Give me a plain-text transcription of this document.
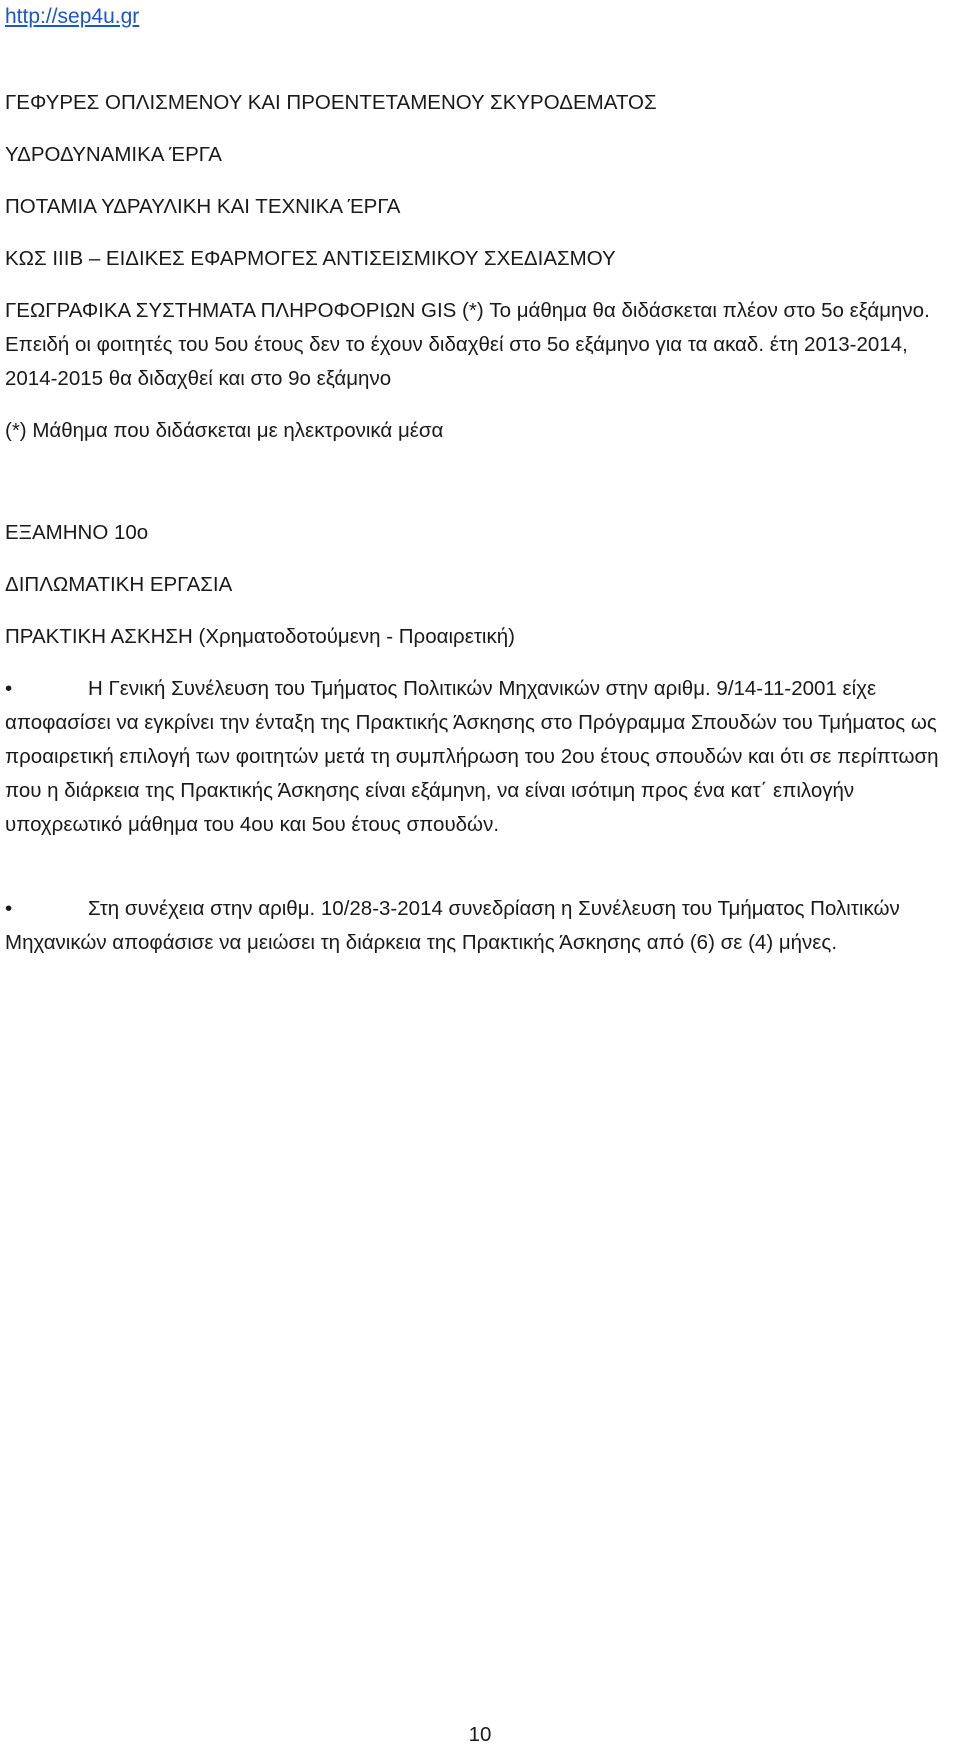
http://sep4u.gr

ΓΕΦΥΡΕΣ ΟΠΛΙΣΜΕΝΟΥ ΚΑΙ ΠΡΟΕΝΤΕΤΑΜΕΝΟΥ ΣΚΥΡΟΔΕΜΑΤΟΣ

ΥΔΡΟΔΥΝΑΜΙΚΑ ΈΡΓΑ

ΠΟΤΑΜΙΑ ΥΔΡΑΥΛΙΚΗ ΚΑΙ ΤΕΧΝΙΚΑ ΈΡΓΑ

ΚΩΣ IIIB – ΕΙΔΙΚΕΣ ΕΦΑΡΜΟΓΕΣ ΑΝΤΙΣΕΙΣΜΙΚΟΥ ΣΧΕΔΙΑΣΜΟΥ

ΓΕΩΓΡΑΦΙΚΑ ΣΥΣΤΗΜΑΤΑ ΠΛΗΡΟΦΟΡΙΩΝ GIS (*) Το μάθημα θα διδάσκεται πλέον στο 5ο εξάμηνο. Επειδή οι φοιτητές του 5ου έτους δεν το έχουν διδαχθεί στο 5ο εξάμηνο για τα ακαδ. έτη 2013-2014, 2014-2015 θα διδαχθεί και στο 9ο εξάμηνο

(*) Μάθημα που διδάσκεται με ηλεκτρονικά μέσα

ΕΞΑΜΗΝΟ 10ο

ΔΙΠΛΩΜΑΤΙΚΗ ΕΡΓΑΣΙΑ

ΠΡΑΚΤΙΚΗ ΑΣΚΗΣΗ (Χρηματοδοτούμενη - Προαιρετική)

•	Η Γενική Συνέλευση του Τμήματος Πολιτικών Μηχανικών στην αριθμ. 9/14-11-2001 είχε αποφασίσει να εγκρίνει την ένταξη της Πρακτικής Άσκησης στο Πρόγραμμα Σπουδών του Τμήματος ως προαιρετική επιλογή των φοιτητών μετά τη συμπλήρωση του 2ου έτους σπουδών και ότι σε περίπτωση που η διάρκεια της Πρακτικής Άσκησης είναι εξάμηνη, να είναι ισότιμη προς ένα κατ΄ επιλογήν υποχρεωτικό μάθημα του 4ου και 5ου έτους σπουδών.

•	Στη συνέχεια στην αριθμ. 10/28-3-2014 συνεδρίαση η Συνέλευση του Τμήματος Πολιτικών Μηχανικών αποφάσισε να μειώσει τη διάρκεια της Πρακτικής Άσκησης από (6) σε (4) μήνες.

10
